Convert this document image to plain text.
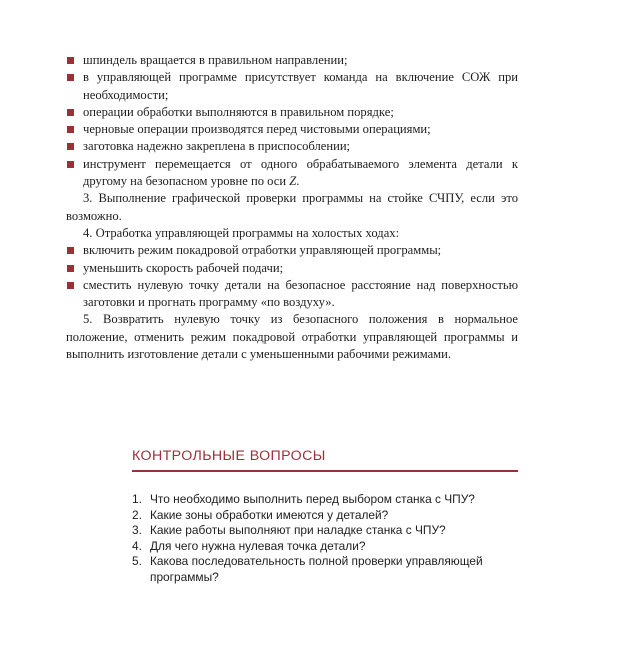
шпиндель вращается в правильном направлении;
в управляющей программе присутствует команда на включение СОЖ при необходимости;
операции обработки выполняются в правильном порядке;
черновые операции производятся перед чистовыми операциями;
заготовка надежно закреплена в приспособлении;
инструмент перемещается от одного обрабатываемого элемента детали к другому на безопасном уровне по оси Z.
3. Выполнение графической проверки программы на стойке СЧПУ, если это возможно.
4. Отработка управляющей программы на холостых ходах:
включить режим покадровой отработки управляющей программы;
уменьшить скорость рабочей подачи;
сместить нулевую точку детали на безопасное расстояние над поверхностью заготовки и прогнать программу «по воздуху».
5. Возвратить нулевую точку из безопасного положения в нормальное положение, отменить режим покадровой отработки управляющей программы и выполнить изготовление детали с уменьшенными рабочими режимами.
КОНТРОЛЬНЫЕ ВОПРОСЫ
1. Что необходимо выполнить перед выбором станка с ЧПУ?
2. Какие зоны обработки имеются у деталей?
3. Какие работы выполняют при наладке станка с ЧПУ?
4. Для чего нужна нулевая точка детали?
5. Какова последовательность полной проверки управляющей программы?
